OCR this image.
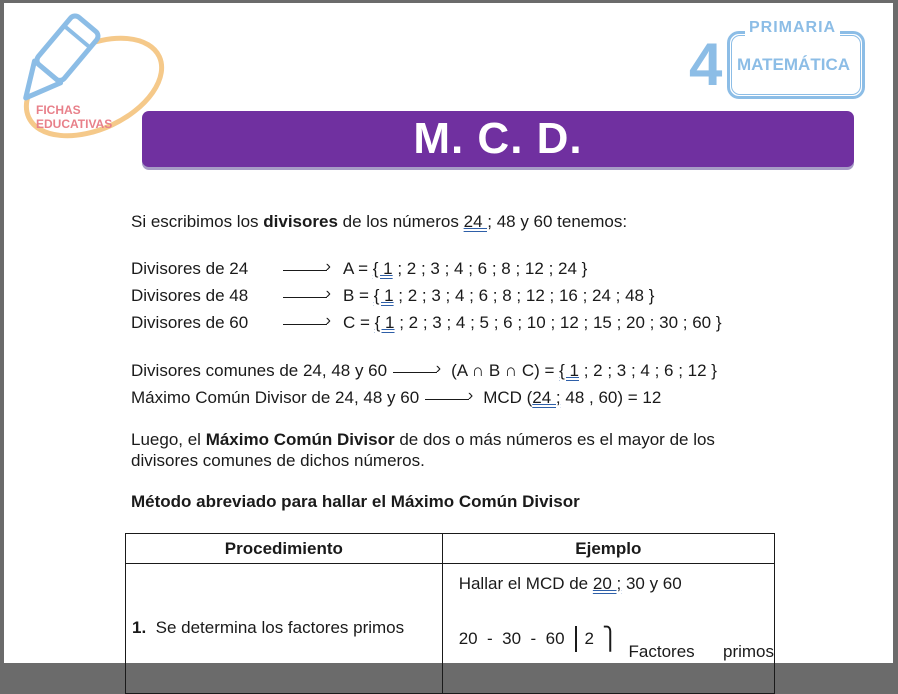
FICHAS
EDUCATIVAS
PRIMARIA
4 MATEMÁTICA
M. C. D.
Si escribimos los divisores de los números 24 ; 48 y 60 tenemos:
Divisores de 24 ›	A = { 1 ; 2 ; 3 ; 4 ; 6 ; 8 ; 12 ; 24 }
Divisores de 48 ›	B = { 1 ; 2 ; 3 ; 4 ; 6 ; 8 ; 12 ; 16 ; 24 ; 48 }
Divisores de 60 ›	C = { 1 ; 2 ; 3 ; 4 ; 5 ; 6 ; 10 ; 12 ; 15 ; 20 ; 30 ; 60 }
Divisores comunes de 24, 48 y 60 ›	(A ∩ B ∩ C) = { 1 ; 2 ; 3 ; 4 ; 6 ; 12 }
Máximo Común Divisor de 24, 48 y 60 ›	MCD (24 ; 48 , 60) = 12
Luego, el Máximo Común Divisor de dos o más números es el mayor de los divisores comunes de dichos números.
Método abreviado para hallar el Máximo Común Divisor
Procedimiento	Ejemplo

1.  Se determina los factores primos	Hallar el MCD de 20 ; 30 y 60
20  -  30  -  60 2 ⎫
Factores      primos
